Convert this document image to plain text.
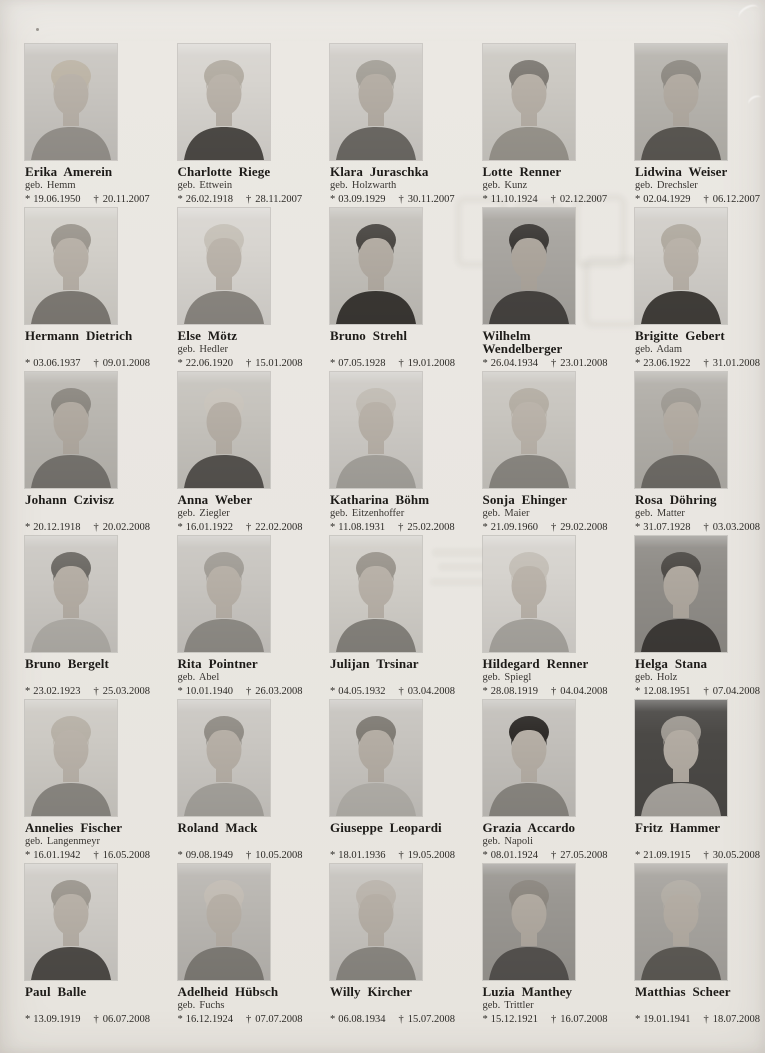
Erika Amerein
geb. Hemm
* 19.06.1950 † 20.11.2007
Charlotte Riege
geb. Ettwein
* 26.02.1918 † 28.11.2007
Klara Juraschka
geb. Holzwarth
* 03.09.1929 † 30.11.2007
Lotte Renner
geb. Kunz
* 11.10.1924 † 02.12.2007
Lidwina Weiser
geb. Drechsler
* 02.04.1929 † 06.12.2007
Hermann Dietrich
* 03.06.1937 † 09.01.2008
Else Mötz
geb. Hedler
* 22.06.1920 † 15.01.2008
Bruno Strehl
* 07.05.1928 † 19.01.2008
Wilhelm Wendelberger
* 26.04.1934 † 23.01.2008
Brigitte Gebert
geb. Adam
* 23.06.1922 † 31.01.2008
Johann Czivisz
* 20.12.1918 † 20.02.2008
Anna Weber
geb. Ziegler
* 16.01.1922 † 22.02.2008
Katharina Böhm
geb. Eitzenhoffer
* 11.08.1931 † 25.02.2008
Sonja Ehinger
geb. Maier
* 21.09.1960 † 29.02.2008
Rosa Döhring
geb. Matter
* 31.07.1928 † 03.03.2008
Bruno Bergelt
* 23.02.1923 † 25.03.2008
Rita Pointner
geb. Abel
* 10.01.1940 † 26.03.2008
Julijan Trsinar
* 04.05.1932 † 03.04.2008
Hildegard Renner
geb. Spiegl
* 28.08.1919 † 04.04.2008
Helga Stana
geb. Holz
* 12.08.1951 † 07.04.2008
Annelies Fischer
geb. Langenmeyr
* 16.01.1942 † 16.05.2008
Roland Mack
* 09.08.1949 † 10.05.2008
Giuseppe Leopardi
* 18.01.1936 † 19.05.2008
Grazia Accardo
geb. Napoli
* 08.01.1924 † 27.05.2008
Fritz Hammer
* 21.09.1915 † 30.05.2008
Paul Balle
* 13.09.1919 † 06.07.2008
Adelheid Hübsch
geb. Fuchs
* 16.12.1924 † 07.07.2008
Willy Kircher
* 06.08.1934 † 15.07.2008
Luzia Manthey
geb. Trittler
* 15.12.1921 † 16.07.2008
Matthias Scheer
* 19.01.1941 † 18.07.2008
